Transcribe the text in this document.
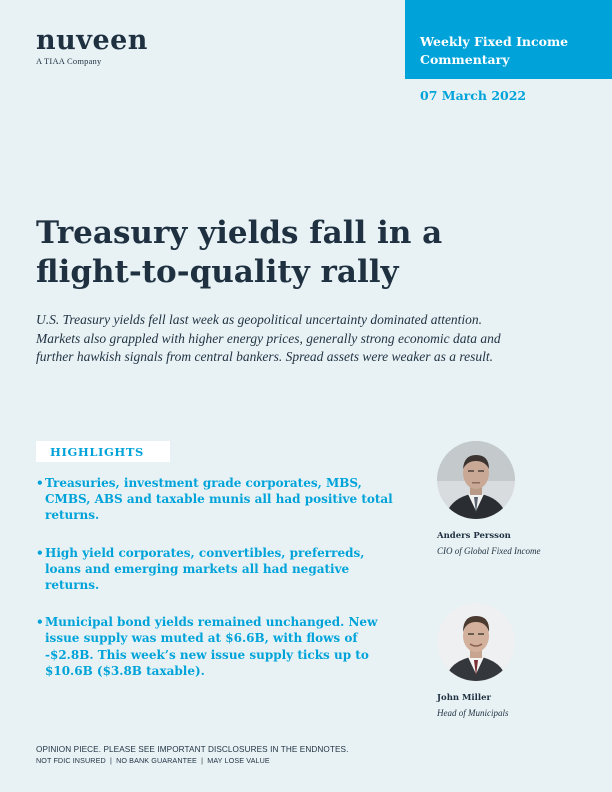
nuveen
A TIAA Company
Weekly Fixed Income
Commentary
07 March 2022
Treasury yields fall in a
flight-to-quality rally

U.S. Treasury yields fell last week as geopolitical uncertainty dominated attention. Markets also grappled with higher energy prices, generally strong economic data and further hawkish signals from central bankers. Spread assets were weaker as a result.

HIGHLIGHTS
• Treasuries, investment grade corporates, MBS, CMBS, ABS and taxable munis all had positive total returns.
• High yield corporates, convertibles, preferreds, loans and emerging markets all had negative returns.
• Municipal bond yields remained unchanged. New issue supply was muted at $6.6B, with flows of -$2.8B. This week’s new issue supply ticks up to $10.6B ($3.8B taxable).
Anders Persson
CIO of Global Fixed Income
John Miller
Head of Municipals
OPINION PIECE. PLEASE SEE IMPORTANT DISCLOSURES IN THE ENDNOTES.
NOT FDIC INSURED  |  NO BANK GUARANTEE  |  MAY LOSE VALUE
